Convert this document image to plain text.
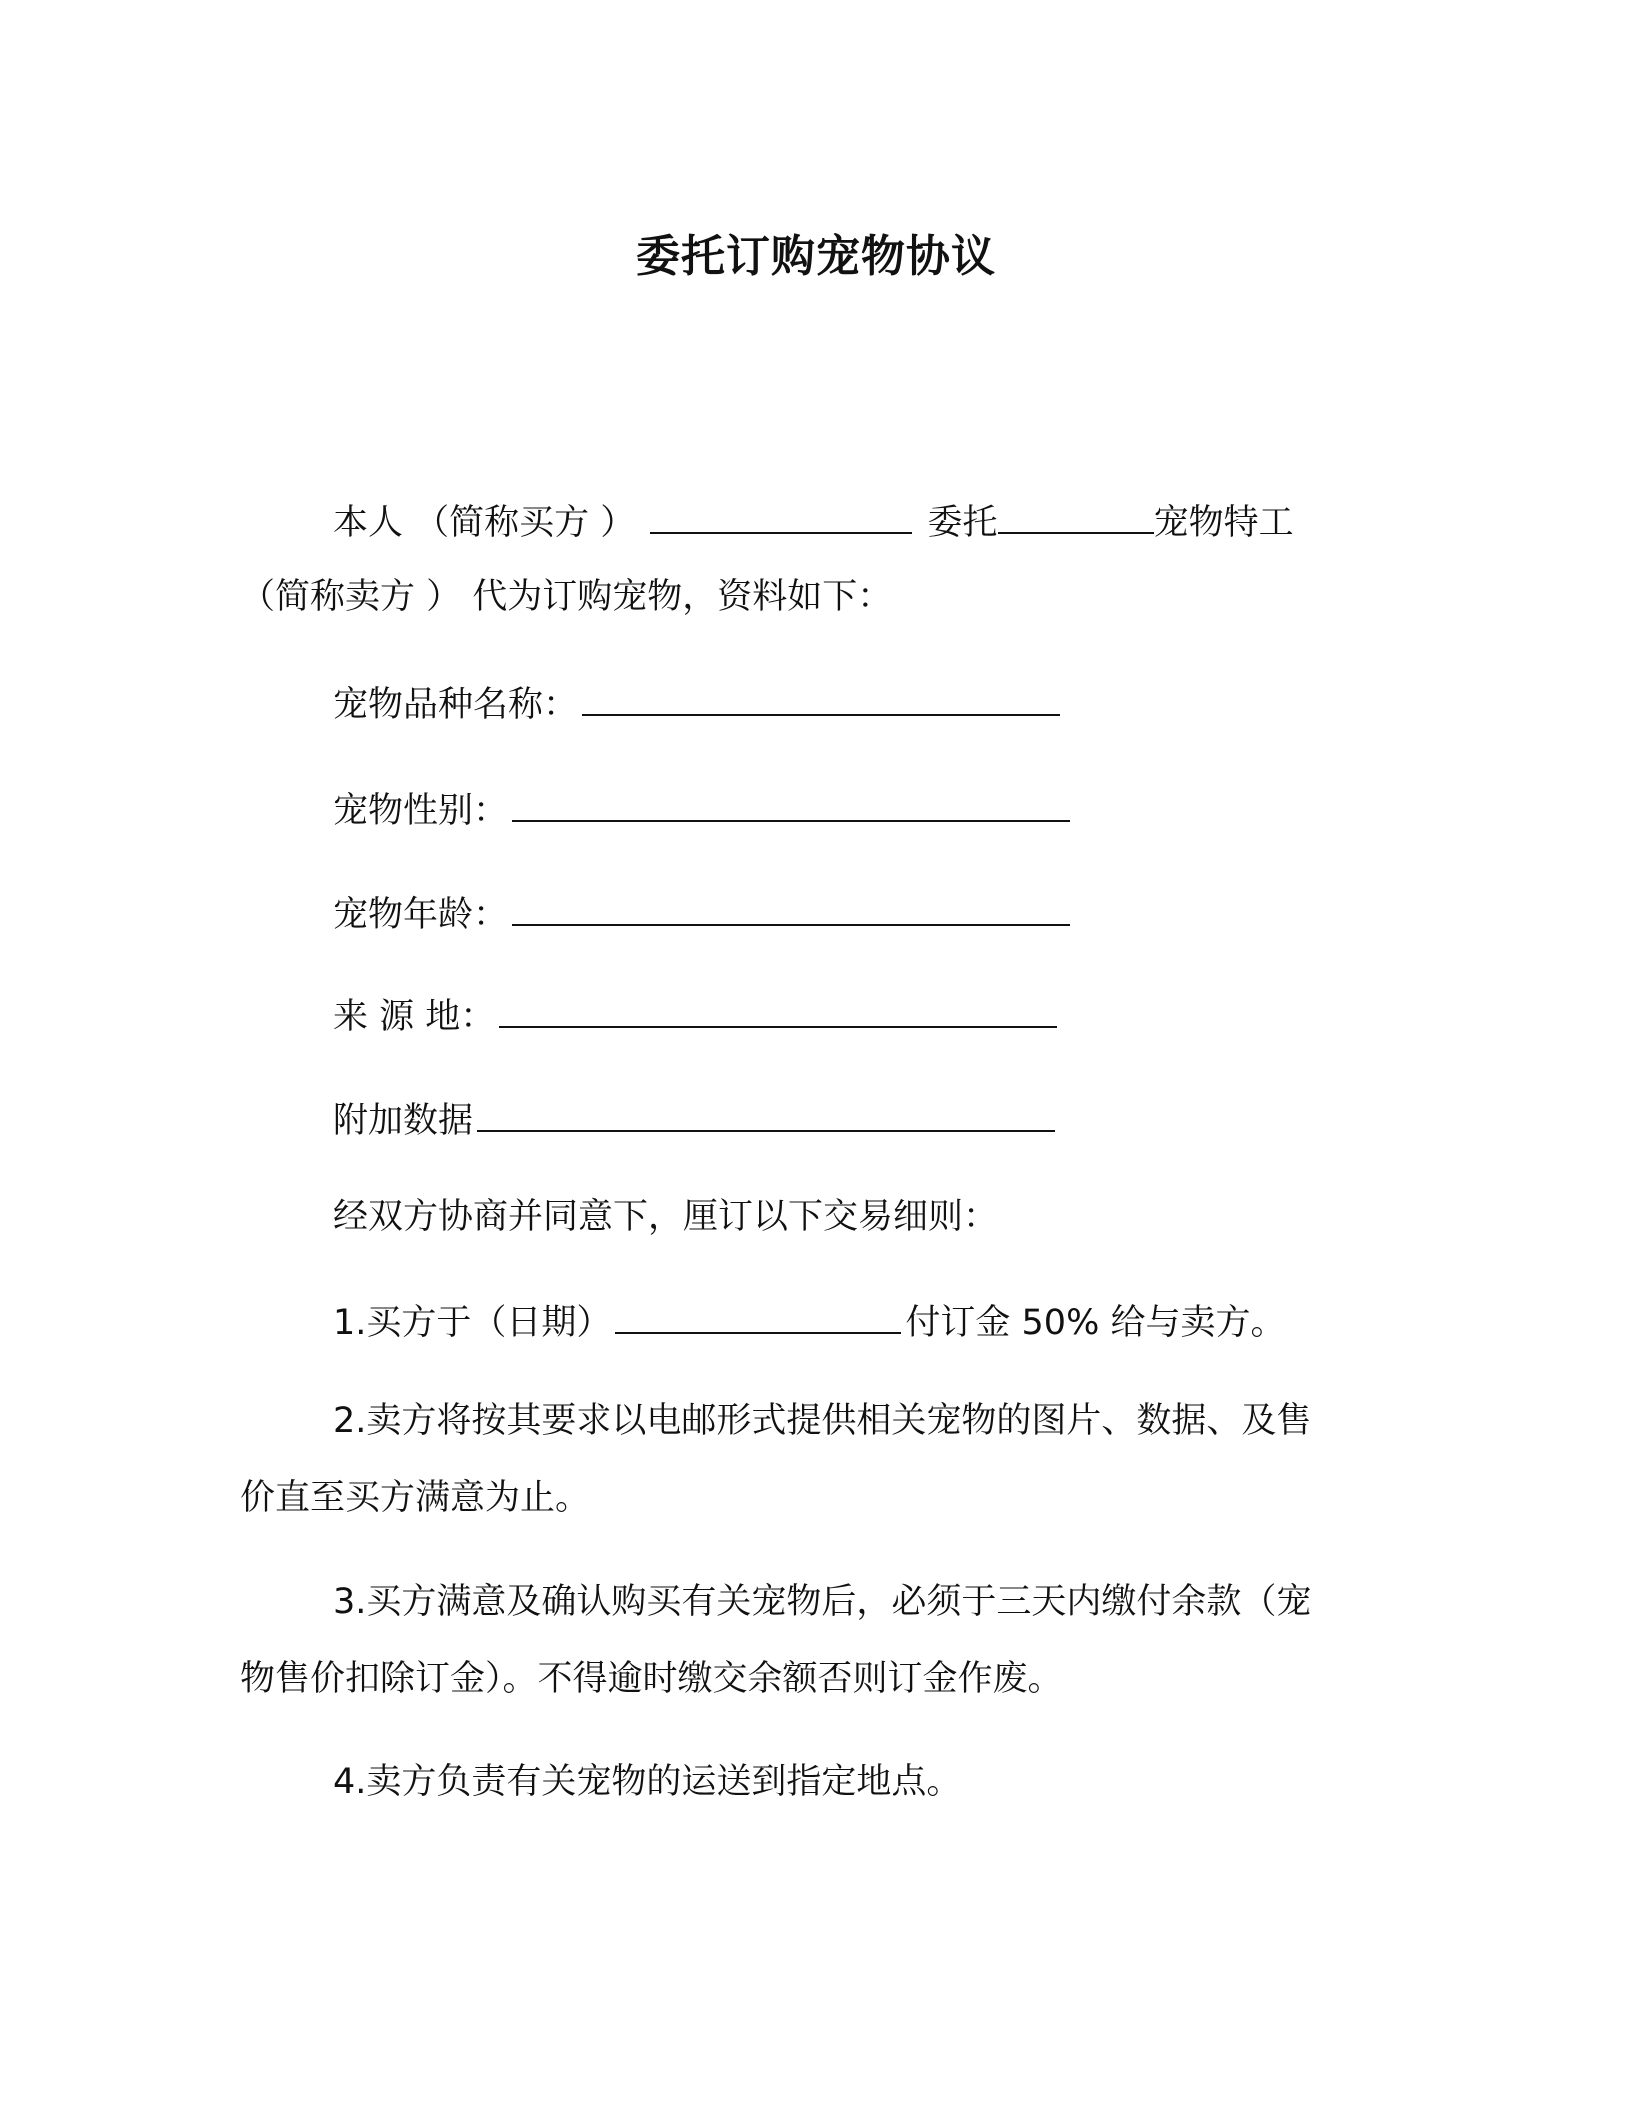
委托订购宠物协议
本人 （简称买方 ）	委托	宠物特工
（简称卖方 ） 代为订购宠物，资料如下：
宠物品种名称：
宠物性别：
宠物年龄：
来 源 地：
附加数据
经双方协商并同意下，厘订以下交易细则：
1.买方于（日期）	付订金 50% 给与卖方。
2.卖方将按其要求以电邮形式提供相关宠物的图片、数据、及售
价直至买方满意为止。
3.买方满意及确认购买有关宠物后，必须于三天内缴付余款（宠
物售价扣除订金）。不得逾时缴交余额否则订金作废。
4.卖方负责有关宠物的运送到指定地点。
